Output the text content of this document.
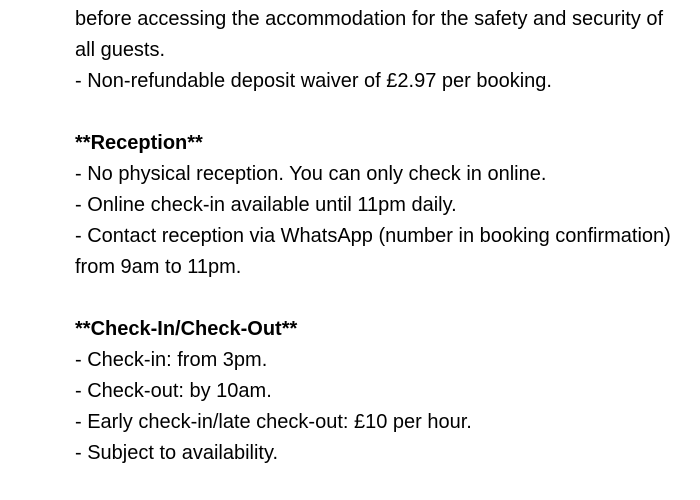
before accessing the accommodation for the safety and security of all guests.
- Non-refundable deposit waiver of £2.97 per booking.
**Reception**
- No physical reception. You can only check in online.
- Online check-in available until 11pm daily.
- Contact reception via WhatsApp (number in booking confirmation) from 9am to 11pm.
**Check-In/Check-Out**
- Check-in: from 3pm.
- Check-out: by 10am.
- Early check-in/late check-out: £10 per hour.
- Subject to availability.
